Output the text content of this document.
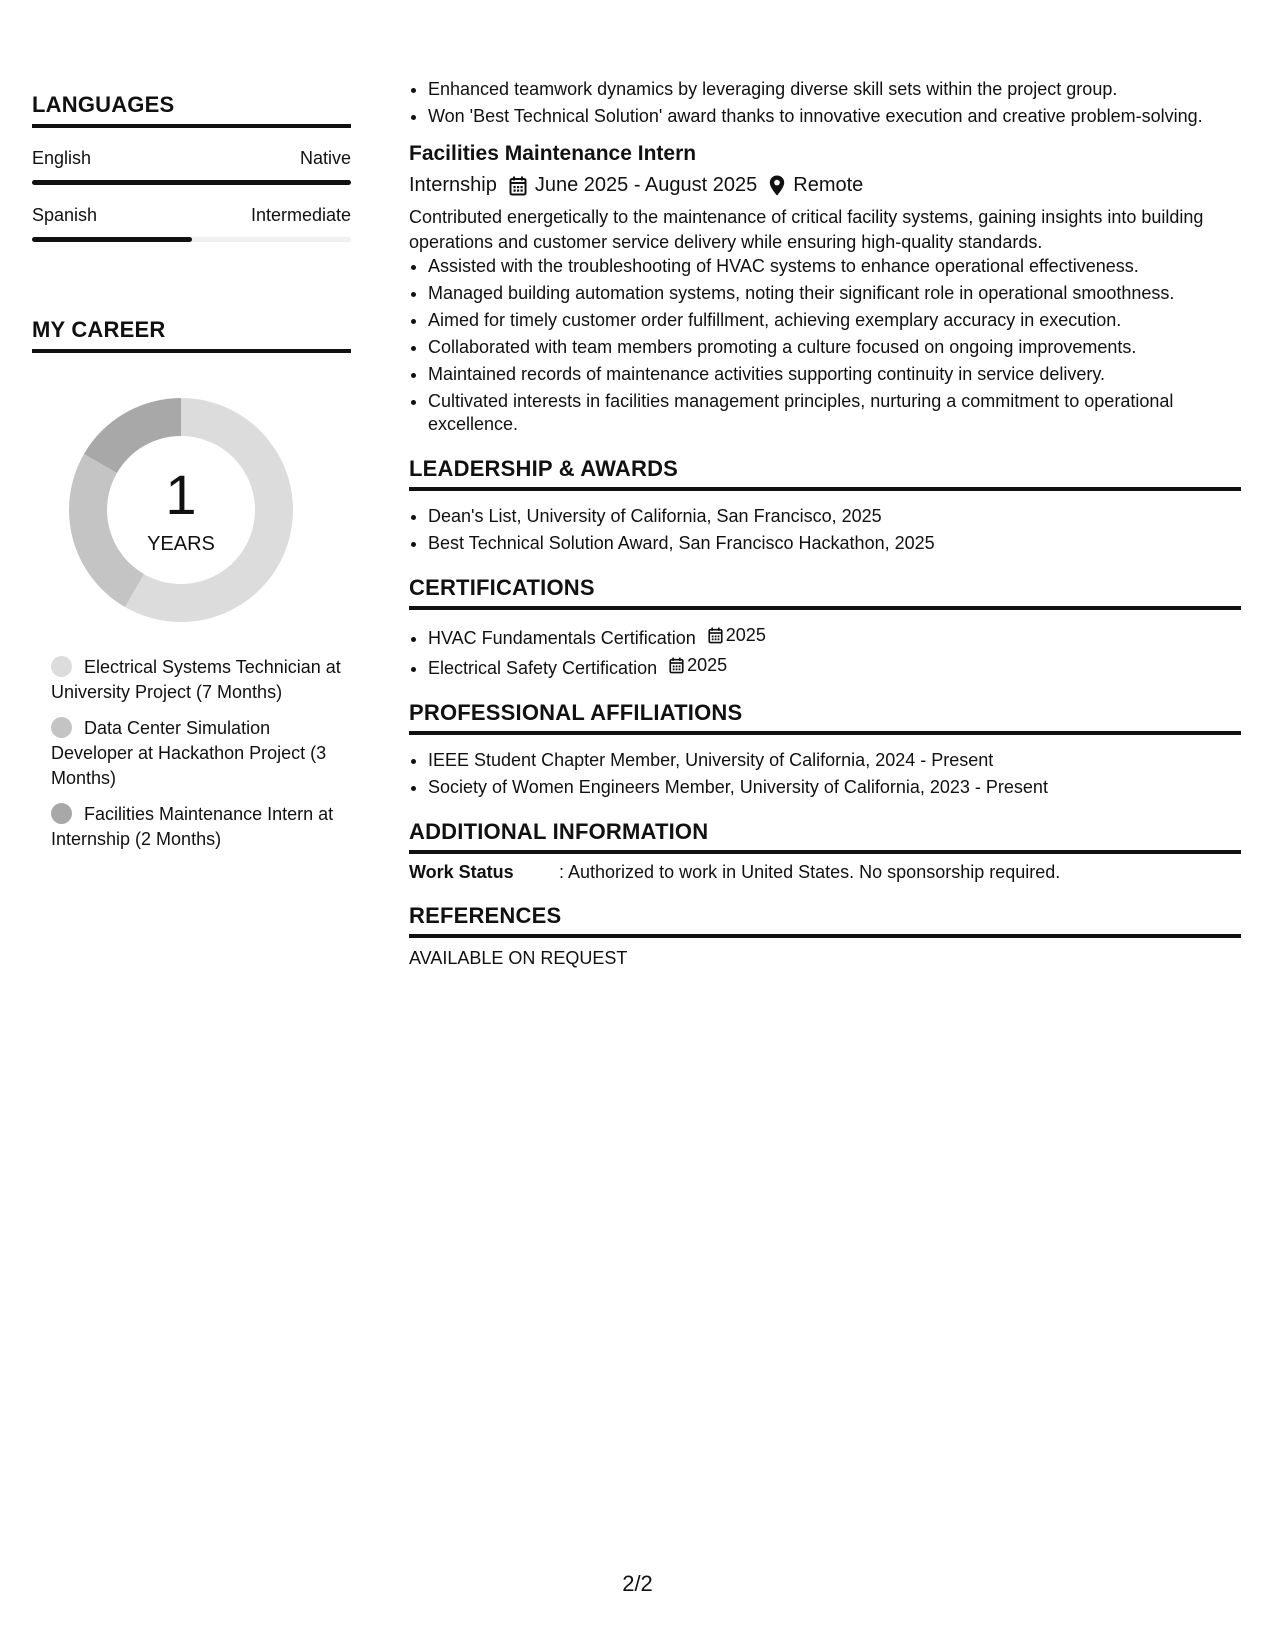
LANGUAGES
English	Native
Spanish	Intermediate
MY CAREER
1
YEARS
Electrical Systems Technician at University Project (7 Months)
Data Center Simulation Developer at Hackathon Project (3 Months)
Facilities Maintenance Intern at Internship (2 Months)
• Enhanced teamwork dynamics by leveraging diverse skill sets within the project group.
• Won 'Best Technical Solution' award thanks to innovative execution and creative problem-solving.
Facilities Maintenance Intern
Internship June 2025 - August 2025 Remote
Contributed energetically to the maintenance of critical facility systems, gaining insights into building operations and customer service delivery while ensuring high-quality standards.
• Assisted with the troubleshooting of HVAC systems to enhance operational effectiveness.
• Managed building automation systems, noting their significant role in operational smoothness.
• Aimed for timely customer order fulfillment, achieving exemplary accuracy in execution.
• Collaborated with team members promoting a culture focused on ongoing improvements.
• Maintained records of maintenance activities supporting continuity in service delivery.
• Cultivated interests in facilities management principles, nurturing a commitment to operational excellence.
LEADERSHIP & AWARDS
• Dean's List, University of California, San Francisco, 2025
• Best Technical Solution Award, San Francisco Hackathon, 2025
CERTIFICATIONS
• HVAC Fundamentals Certification 2025
• Electrical Safety Certification 2025
PROFESSIONAL AFFILIATIONS
• IEEE Student Chapter Member, University of California, 2024 - Present
• Society of Women Engineers Member, University of California, 2023 - Present
ADDITIONAL INFORMATION
Work Status	: Authorized to work in United States. No sponsorship required.
REFERENCES
AVAILABLE ON REQUEST
2/2
